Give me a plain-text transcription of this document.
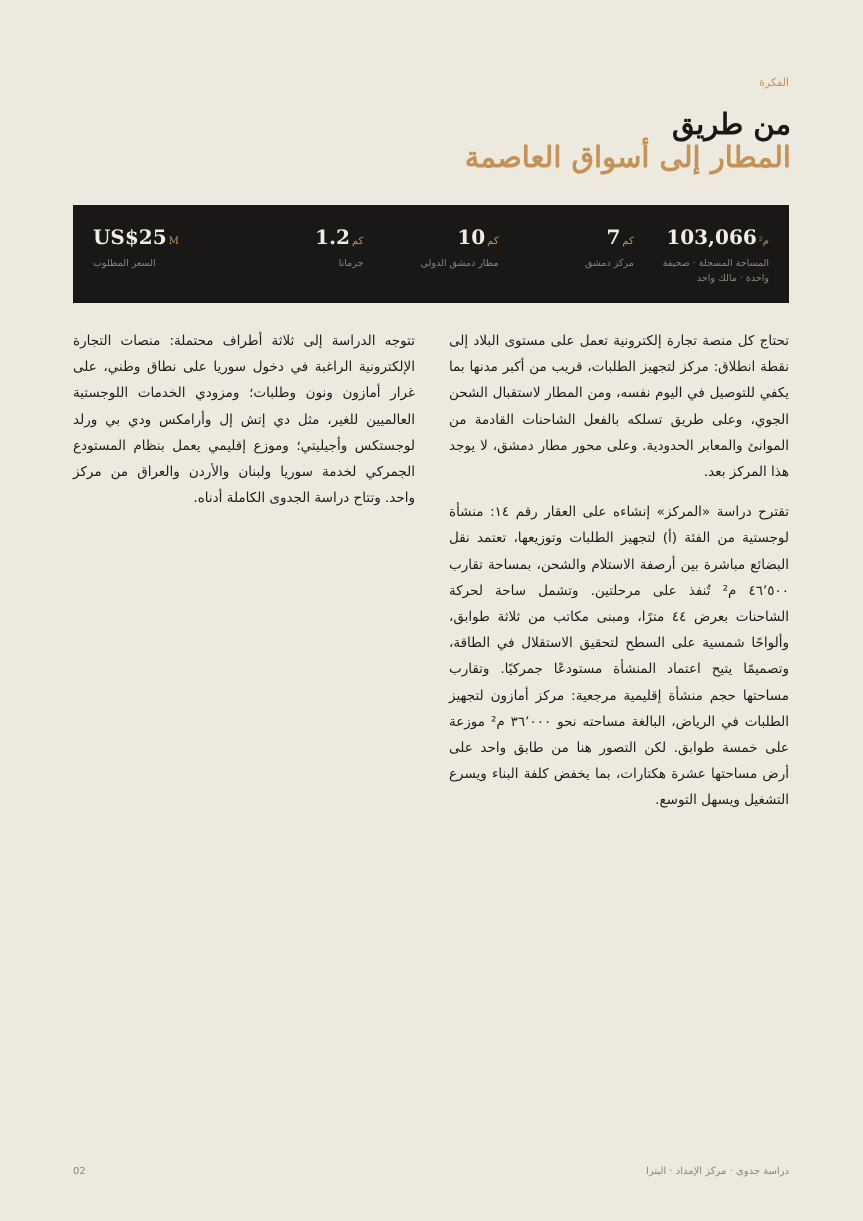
الفكرة
من طريق
المطار إلى أسواق العاصمة
103,066 م²
المساحة المسجلة · صحيفة واحدة · مالك واحد
7 كم
مركز دمشق
10 كم
مطار دمشق الدولي
1.2 كم
جرمانا
US$25 M
السعر المطلوب

تحتاج كل منصة تجارة إلكترونية تعمل على مستوى البلاد إلى نقطة انطلاق: مركز لتجهيز الطلبات، قريب من أكبر مدنها بما يكفي للتوصيل في اليوم نفسه، ومن المطار لاستقبال الشحن الجوي، وعلى طريق تسلكه بالفعل الشاحنات القادمة من الموانئ والمعابر الحدودية. وعلى محور مطار دمشق، لا يوجد هذا المركز بعد.

تقترح دراسة «المركز» إنشاءه على العقار رقم ١٤: منشأة لوجستية من الفئة (أ) لتجهيز الطلبات وتوزيعها، تعتمد نقل البضائع مباشرة بين أرصفة الاستلام والشحن، بمساحة تقارب ٤٦٬٥٠٠ م² تُنفذ على مرحلتين. وتشمل ساحة لحركة الشاحنات بعرض ٤٤ مترًا، ومبنى مكاتب من ثلاثة طوابق، وألواحًا شمسية على السطح لتحقيق الاستقلال في الطاقة، وتصميمًا يتيح اعتماد المنشأة مستودعًا جمركيًا. وتقارب مساحتها حجم منشأة إقليمية مرجعية: مركز أمازون لتجهيز الطلبات في الرياض، البالغة مساحته نحو ٣٦٬٠٠٠ م² موزعة على خمسة طوابق. لكن التصور هنا من طابق واحد على أرض مساحتها عشرة هكتارات، بما يخفض كلفة البناء ويسرع التشغيل ويسهل التوسع.

تتوجه الدراسة إلى ثلاثة أطراف محتملة: منصات التجارة الإلكترونية الراغبة في دخول سوريا على نطاق وطني، على غرار أمازون ونون وطلبات؛ ومزودي الخدمات اللوجستية العالميين للغير، مثل دي إتش إل وأرامكس ودي بي ورلد لوجستكس وأجيليتي؛ وموزع إقليمي يعمل بنظام المستودع الجمركي لخدمة سوريا ولبنان والأردن والعراق من مركز واحد. وتتاح دراسة الجدوى الكاملة أدناه.

دراسة جدوى · مركز الإمداد · البترا
02
